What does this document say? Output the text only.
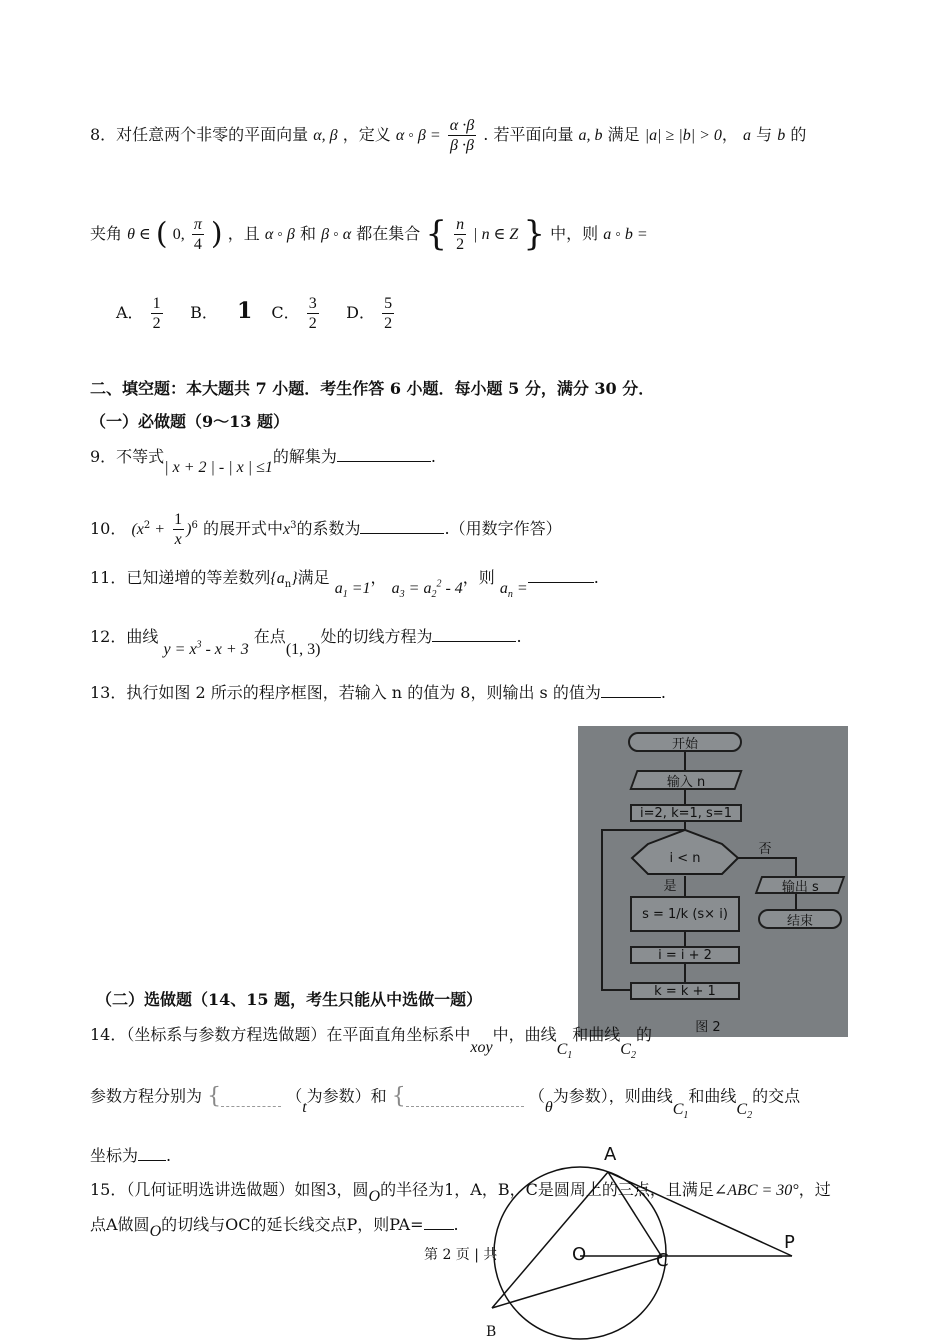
8．对任意两个非零的平面向量 α, β ，定义 α ◦ $\beta = \frac{\alpha \cdot\beta}{\beta \cdot\beta}$ . 若平面向量 a, b 满足 |a| ≥ |b| > 0， a 与 b 的
夹角 θ ∈ ( 0, $\frac{\pi}{4}$ ) ，且 α ◦ β 和 β ◦ α 都在集合 { $\frac{n}{2}$ | n ∈ Z } 中，则 a ◦ b =
A． $\frac{1}{2}$ B． 1 C． $\frac{3}{2}$ D． $\frac{5}{2}$
二、填空题：本大题共 7 小题．考生作答 6 小题．每小题 5 分，满分 30 分．
（一）必做题（9～13 题）
9．不等式| x + 2 | - | x | ≤1的解集为	.
10． $(x^2 + \frac{1}{x} )^6$ 的展开式中$x^3$的系数为	.（用数字作答）
11．已知递增的等差数列$\{a_n\}$满足 $a_1 =1$， $a_3 = a_2^2 - 4$，则 $a_n$ =.
12．曲线 $y = x^3 - x + 3$ 在点(1, 3)处的切线方程为	.
13．执行如图 2 所示的程序框图，若输入 n 的值为 8，则输出 s 的值为	.
开始
输入 n
i=2, k=1, s=1
i < n
否
是	输出 s
结束
s = 1/k (s× i)
i = i + 2
k = k + 1
图 2
（二）选做题（14、15 题，考生只能从中选做一题）
14．（坐标系与参数方程选做题）在平面直角坐标系中xoy中，曲线$C_1$和曲线$C_2$的
参数方程分别为 {	（t为参数）和 {	（θ为参数），则曲线$C_1$和曲线$C_2$的交点
坐标为 .
15．（几何证明选讲选做题）如图3，圆O的半径为1，A，B，C是圆周上的三点，且满足∠ABC = 30°，过
点A做圆O的切线与OC的延长线交点P，则PA= .
第 2 页 | 共
A
B
C
O
P
